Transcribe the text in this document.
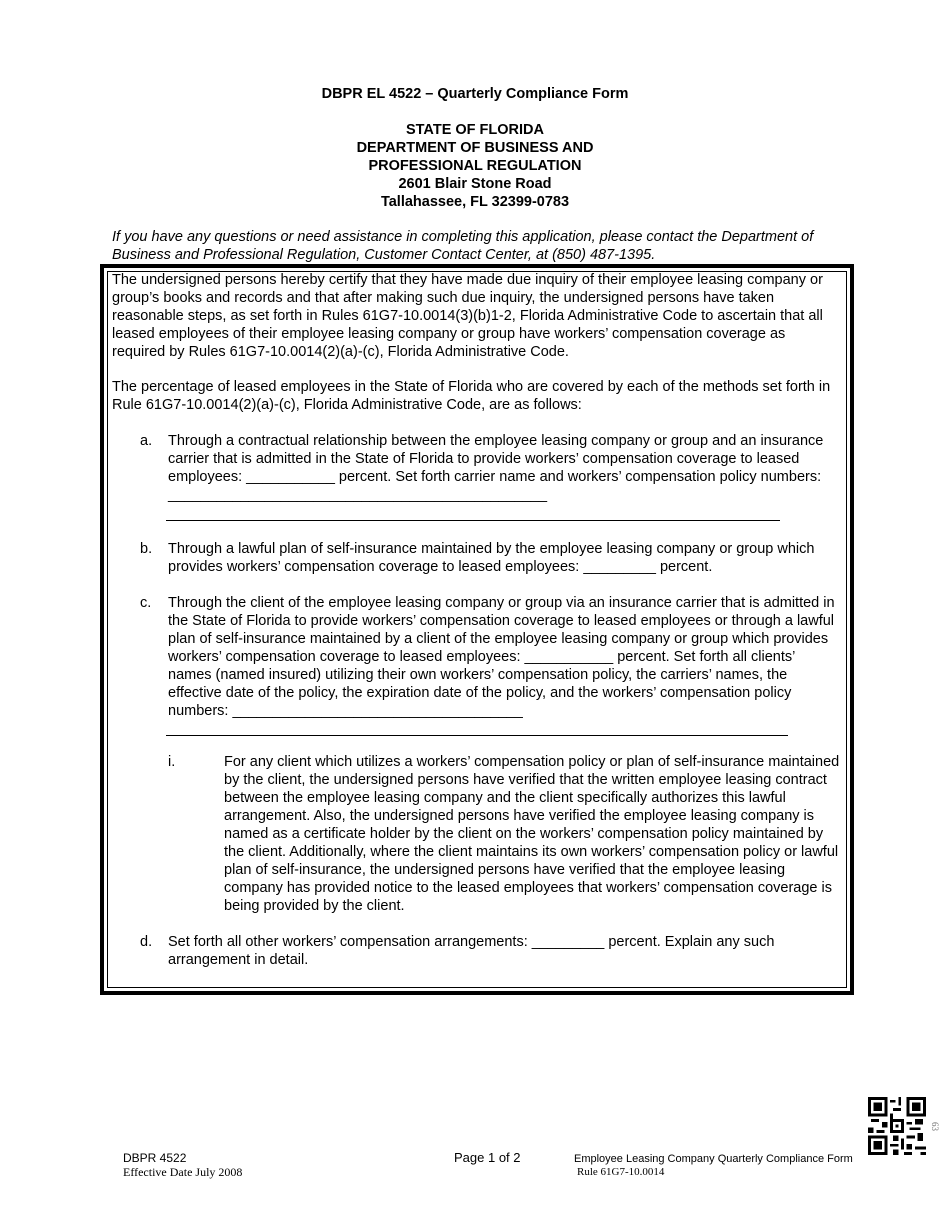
DBPR EL 4522 – Quarterly Compliance Form
STATE OF FLORIDA
DEPARTMENT OF BUSINESS AND
PROFESSIONAL REGULATION
2601 Blair Stone Road
Tallahassee, FL 32399-0783
If you have any questions or need assistance in completing this application, please contact the Department of Business and Professional Regulation, Customer Contact Center, at (850) 487-1395.
The undersigned persons hereby certify that they have made due inquiry of their employee leasing company or group’s books and records and that after making such due inquiry, the undersigned persons have taken reasonable steps, as set forth in Rules 61G7-10.0014(3)(b)1-2, Florida Administrative Code to ascertain that all leased employees of their employee leasing company or group have workers’ compensation coverage as required by Rules 61G7-10.0014(2)(a)-(c), Florida Administrative Code.
The percentage of leased employees in the State of Florida who are covered by each of the methods set forth in Rule 61G7-10.0014(2)(a)-(c), Florida Administrative Code, are as follows:
a. Through a contractual relationship between the employee leasing company or group and an insurance carrier that is admitted in the State of Florida to provide workers’ compensation coverage to leased employees: ___________ percent. Set forth carrier name and workers’ compensation policy numbers: _______________________________________________
b. Through a lawful plan of self-insurance maintained by the employee leasing company or group which provides workers’ compensation coverage to leased employees: _________ percent.
c. Through the client of the employee leasing company or group via an insurance carrier that is admitted in the State of Florida to provide workers’ compensation coverage to leased employees or through a lawful plan of self-insurance maintained by a client of the employee leasing company or group which provides workers’ compensation coverage to leased employees: ___________ percent. Set forth all clients’ names (named insured) utilizing their own workers’ compensation policy, the carriers’ names, the effective date of the policy, the expiration date of the policy, and the workers’ compensation policy numbers: ____________________________________
i.	For any client which utilizes a workers’ compensation policy or plan of self-insurance maintained by the client, the undersigned persons have verified that the written employee leasing contract between the employee leasing company and the client specifically authorizes this lawful arrangement. Also, the undersigned persons have verified the employee leasing company is named as a certificate holder by the client on the workers’ compensation policy maintained by the client. Additionally, where the client maintains its own workers’ compensation policy or lawful plan of self-insurance, the undersigned persons have verified that the employee leasing company has provided notice to the leased employees that workers’ compensation coverage is being provided by the client.
d. Set forth all other workers’ compensation arrangements: _________ percent. Explain any such arrangement in detail.
63
DBPR 4522
Effective Date July 2008
Page 1 of 2	Employee Leasing Company Quarterly Compliance Form
Rule 61G7-10.0014
